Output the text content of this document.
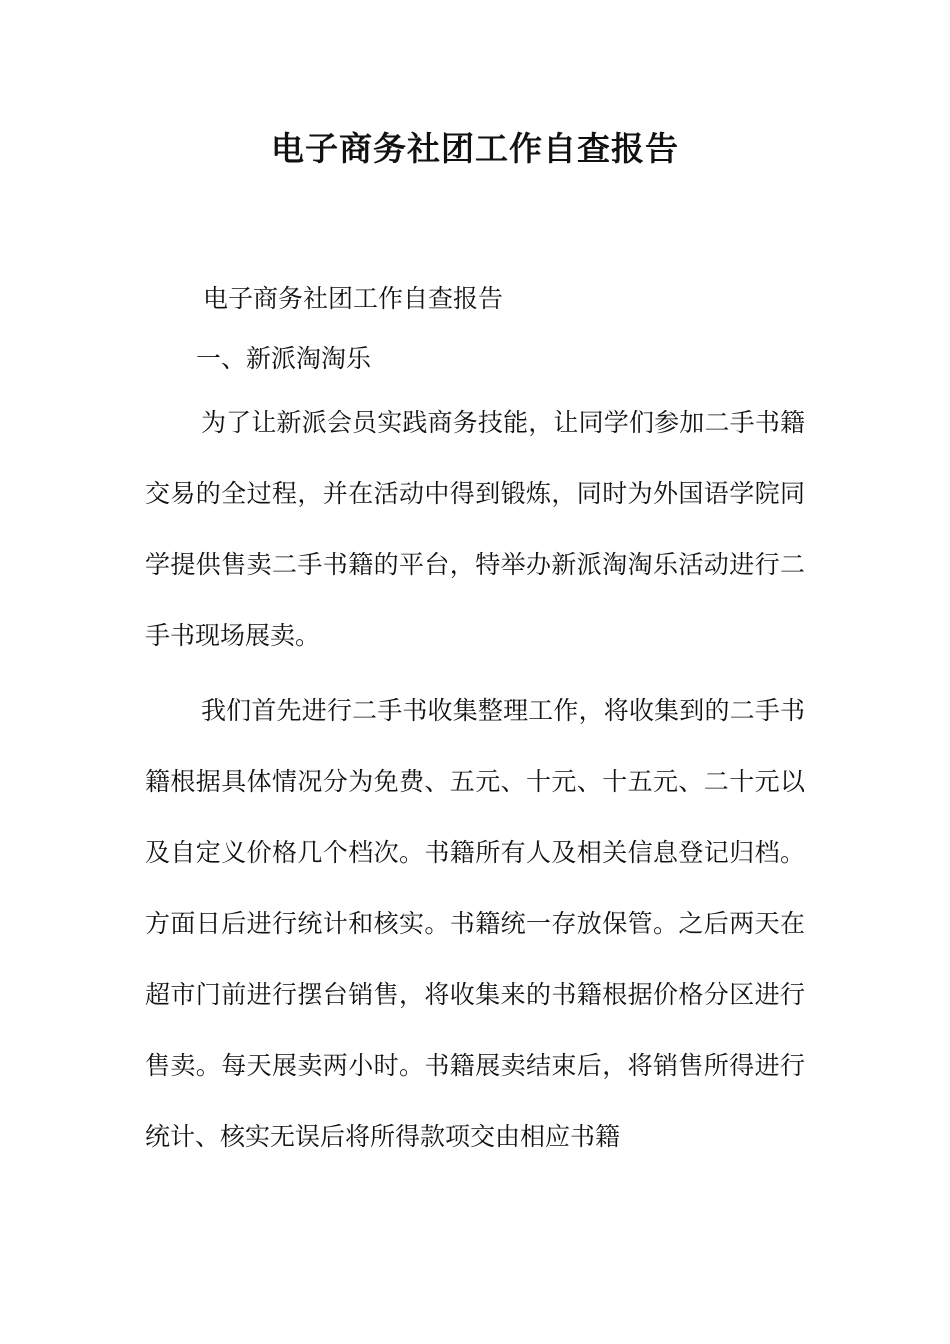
电子商务社团工作自查报告

电子商务社团工作自查报告

一、新派淘淘乐

为了让新派会员实践商务技能，让同学们参加二手书籍交易的全过程，并在活动中得到锻炼，同时为外国语学院同学提供售卖二手书籍的平台，特举办新派淘淘乐活动进行二手书现场展卖。

我们首先进行二手书收集整理工作，将收集到的二手书籍根据具体情况分为免费、五元、十元、十五元、二十元以及自定义价格几个档次。书籍所有人及相关信息登记归档。方面日后进行统计和核实。书籍统一存放保管。之后两天在超市门前进行摆台销售，将收集来的书籍根据价格分区进行售卖。每天展卖两小时。书籍展卖结束后，将销售所得进行统计、核实无误后将所得款项交由相应书籍
